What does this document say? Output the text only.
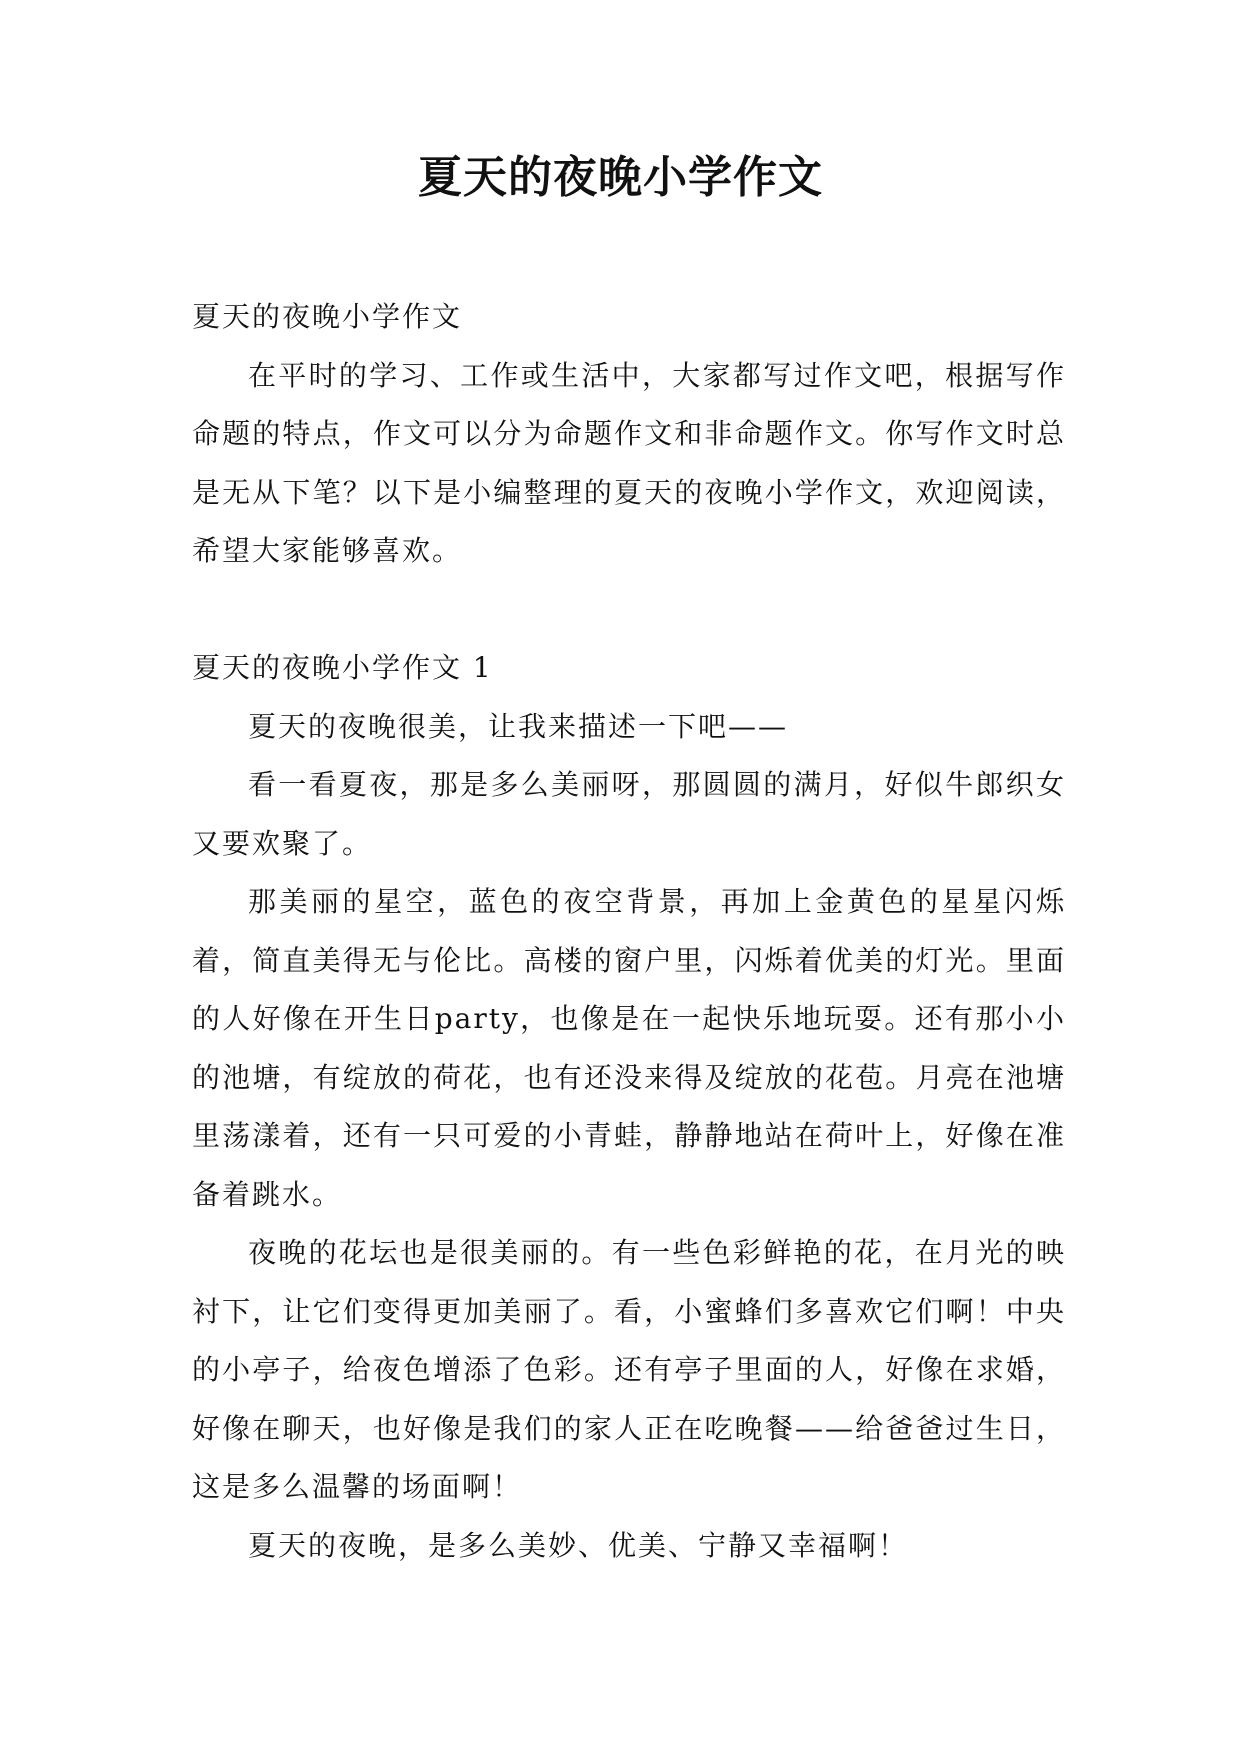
夏天的夜晚小学作文

夏天的夜晚小学作文

在平时的学习、工作或生活中，大家都写过作文吧，根据写作命题的特点，作文可以分为命题作文和非命题作文。你写作文时总是无从下笔？以下是小编整理的夏天的夜晚小学作文，欢迎阅读，希望大家能够喜欢。

夏天的夜晚小学作文 1

夏天的夜晚很美，让我来描述一下吧——

看一看夏夜，那是多么美丽呀，那圆圆的满月，好似牛郎织女又要欢聚了。

那美丽的星空，蓝色的夜空背景，再加上金黄色的星星闪烁着，简直美得无与伦比。高楼的窗户里，闪烁着优美的灯光。里面的人好像在开生日party，也像是在一起快乐地玩耍。还有那小小的池塘，有绽放的荷花，也有还没来得及绽放的花苞。月亮在池塘里荡漾着，还有一只可爱的小青蛙，静静地站在荷叶上，好像在准备着跳水。

夜晚的花坛也是很美丽的。有一些色彩鲜艳的花，在月光的映衬下，让它们变得更加美丽了。看，小蜜蜂们多喜欢它们啊！中央的小亭子，给夜色增添了色彩。还有亭子里面的人，好像在求婚，好像在聊天，也好像是我们的家人正在吃晚餐——给爸爸过生日，这是多么温馨的场面啊！

夏天的夜晚，是多么美妙、优美、宁静又幸福啊！
